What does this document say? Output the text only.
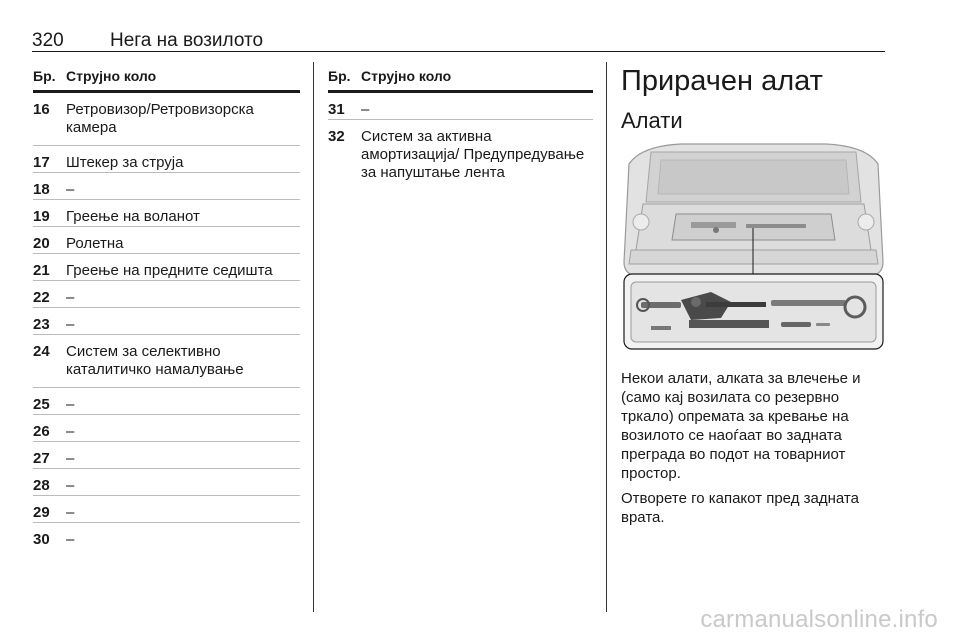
320 Нега на возилото
Бр. Струјно коло
16 Ретровизор/Ретровизорска камера
17 Штекер за струја
18 –
19 Греење на воланот
20 Ролетна
21 Греење на предните седишта
22 –
23 –
24 Систем за селективно каталитичко намалување
25 –
26 –
27 –
28 –
29 –
30 –
Бр. Струјно коло
31 –
32 Систем за активна амортизација/ Предупредување за напуштање лента
Прирачен алат
Алати

Некои алати, алката за влечење и (само кај возилата со резервно тркало) опремата за кревање на возилото се наоѓаат во задната преграда во подот на товарниот простор.

Отворете го капакот пред задната врата.

carmanualsonline.info
